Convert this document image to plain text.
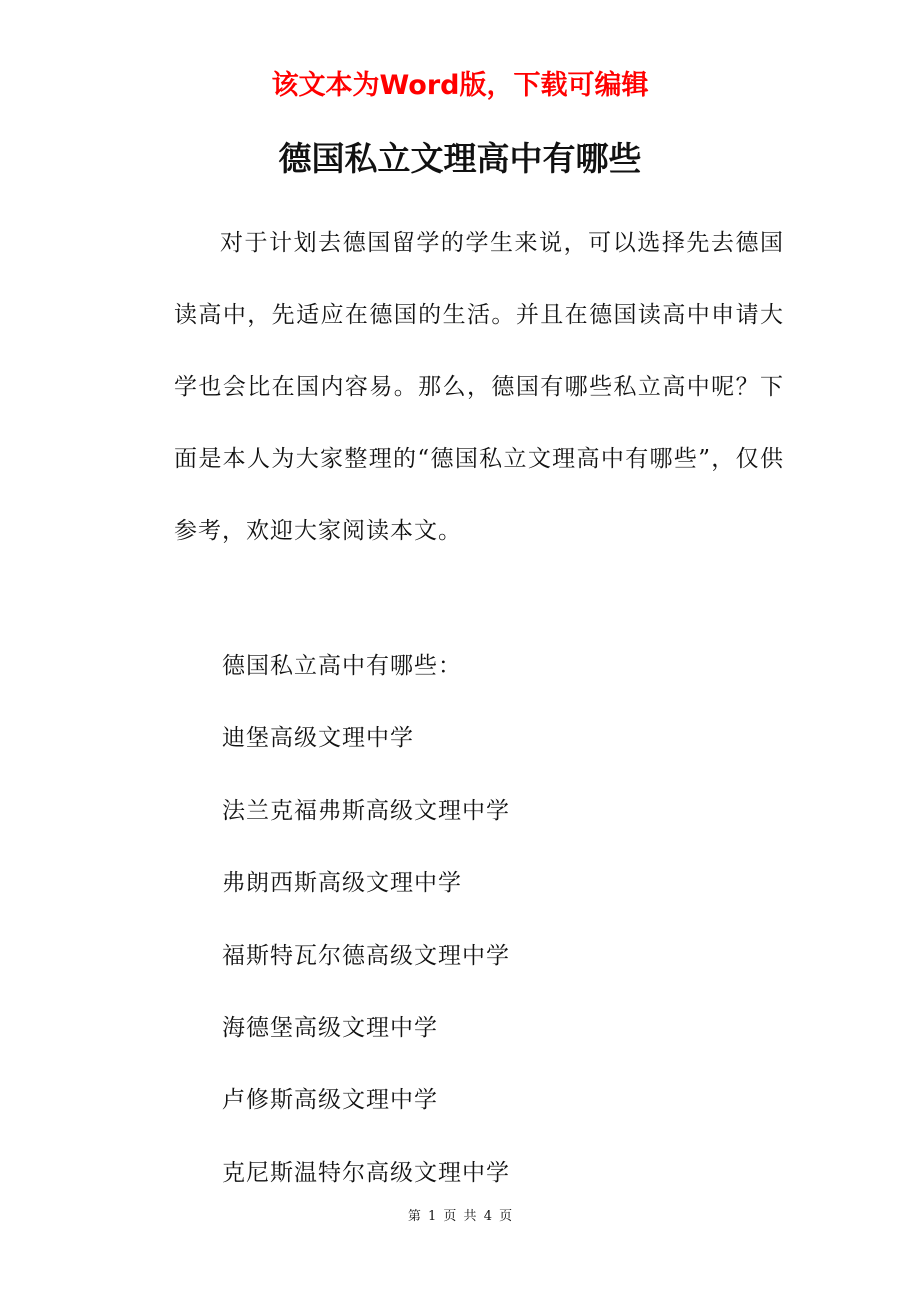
该文本为Word版，下载可编辑
德国私立文理高中有哪些

对于计划去德国留学的学生来说，可以选择先去德国读高中，先适应在德国的生活。并且在德国读高中申请大学也会比在国内容易。那么，德国有哪些私立高中呢？下面是本人为大家整理的“德国私立文理高中有哪些”，仅供参考，欢迎大家阅读本文。

德国私立高中有哪些：
迪堡高级文理中学
法兰克福弗斯高级文理中学
弗朗西斯高级文理中学
福斯特瓦尔德高级文理中学
海德堡高级文理中学
卢修斯高级文理中学
克尼斯温特尔高级文理中学
第 1 页 共 4 页
